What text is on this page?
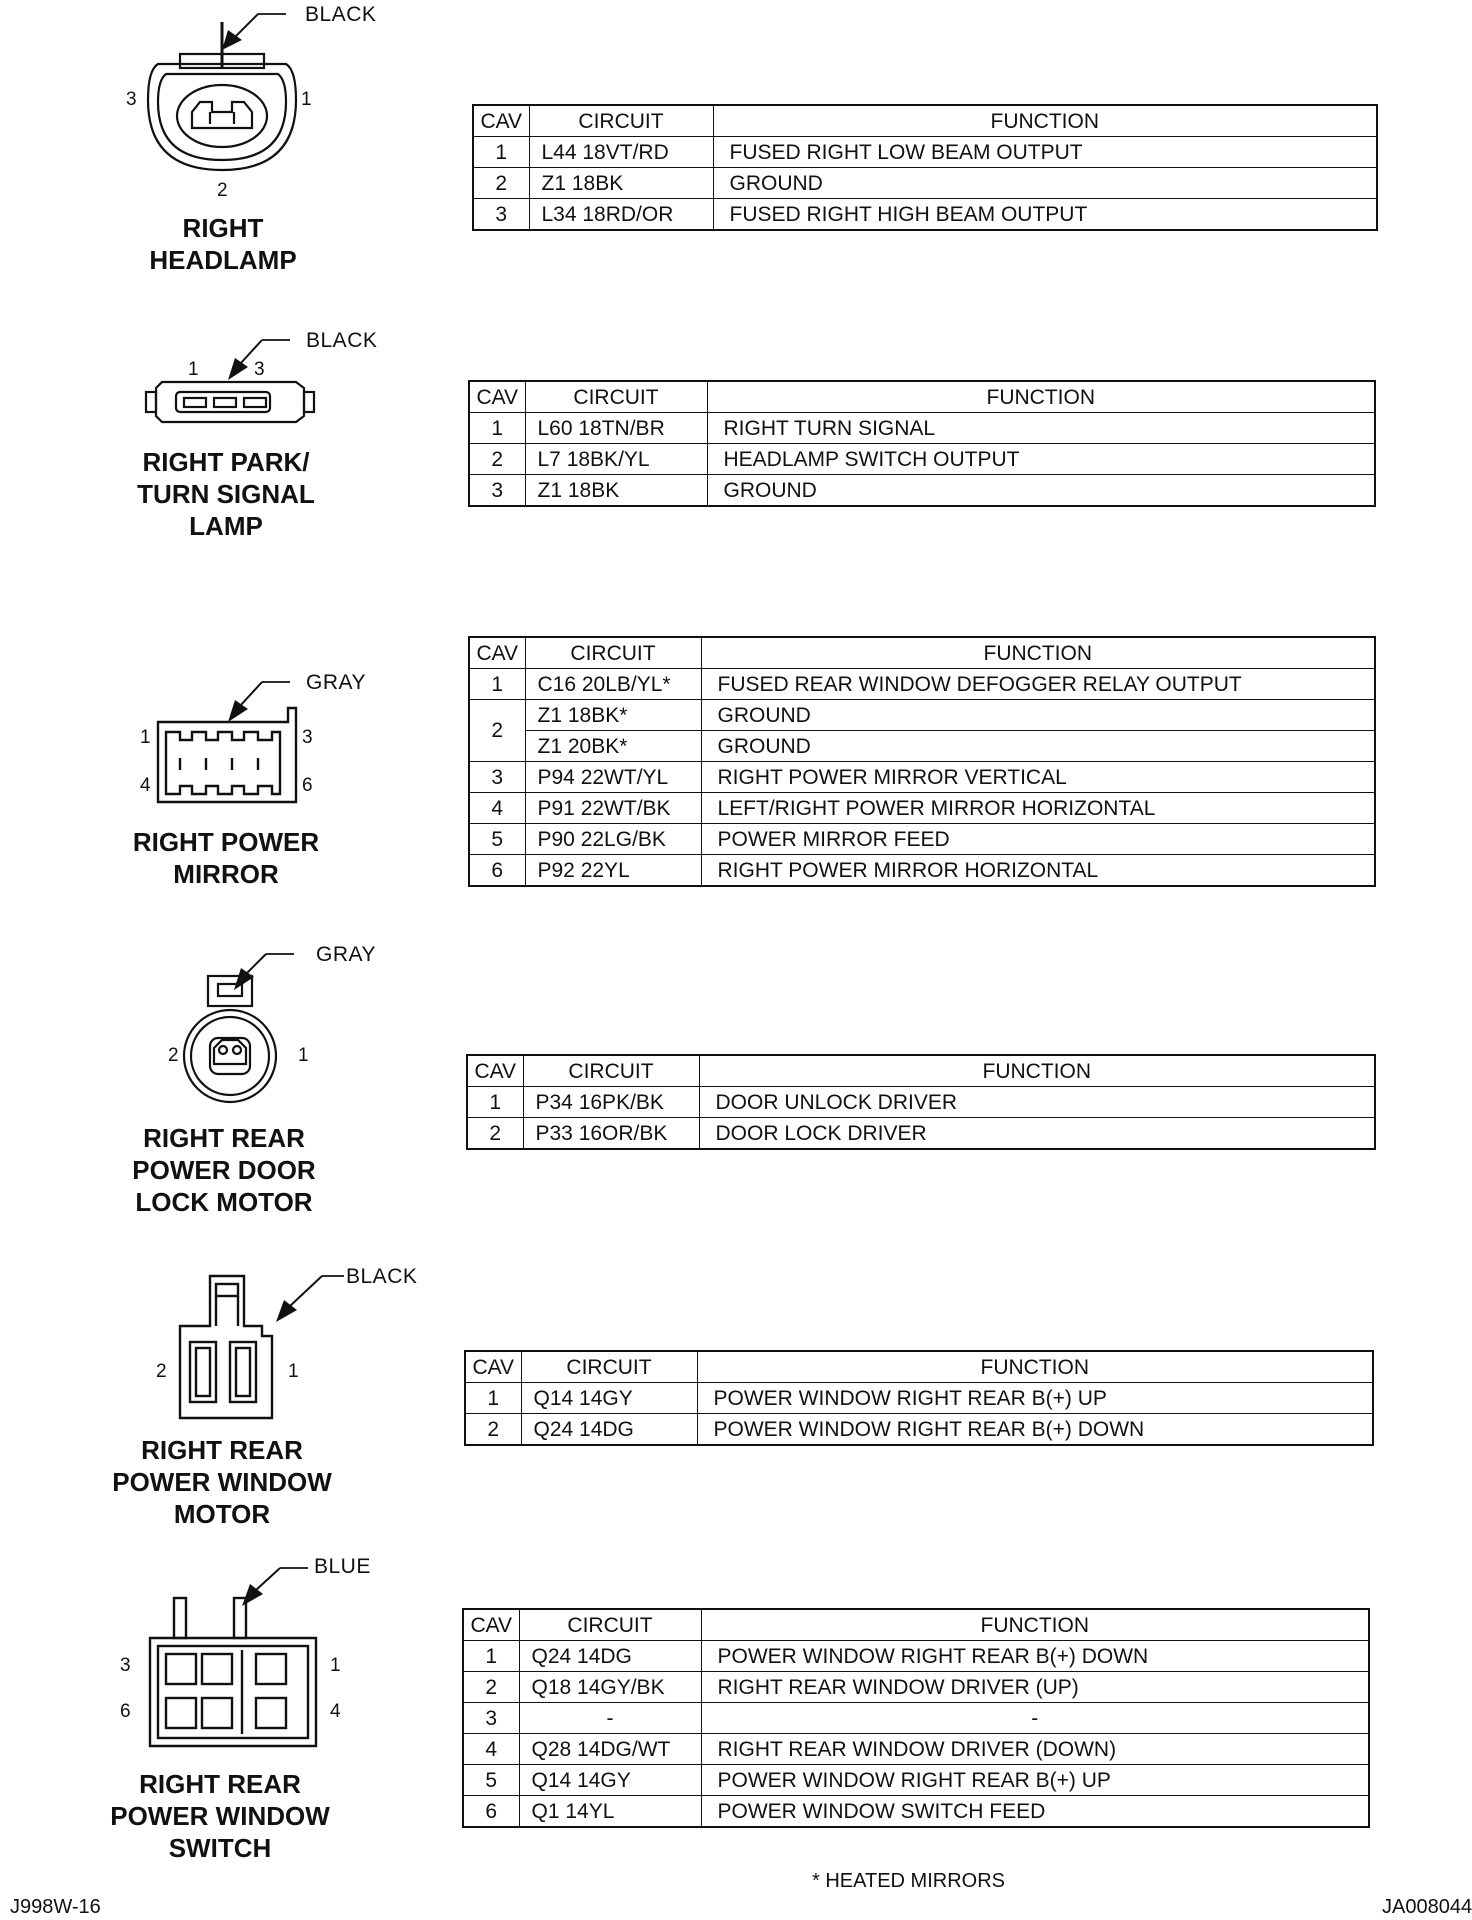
BLACK
3	1
2
RIGHT
HEADLAMP
CAV	CIRCUIT	FUNCTION
1	L44 18VT/RD	FUSED RIGHT LOW BEAM OUTPUT
2	Z1 18BK	GROUND
3	L34 18RD/OR	FUSED RIGHT HIGH BEAM OUTPUT
BLACK
1	3
RIGHT PARK/
TURN SIGNAL
LAMP
CAV	CIRCUIT	FUNCTION
1	L60 18TN/BR	RIGHT TURN SIGNAL
2	L7 18BK/YL	HEADLAMP SWITCH OUTPUT
3	Z1 18BK	GROUND
GRAY
1	3
4	6
RIGHT POWER
MIRROR
CAV	CIRCUIT	FUNCTION
1	C16 20LB/YL*	FUSED REAR WINDOW DEFOGGER RELAY OUTPUT
2	Z1 18BK*	GROUND
	Z1 20BK*	GROUND
3	P94 22WT/YL	RIGHT POWER MIRROR VERTICAL
4	P91 22WT/BK	LEFT/RIGHT POWER MIRROR HORIZONTAL
5	P90 22LG/BK	POWER MIRROR FEED
6	P92 22YL	RIGHT POWER MIRROR HORIZONTAL
GRAY
2	1
RIGHT REAR
POWER DOOR
LOCK MOTOR
CAV	CIRCUIT	FUNCTION
1	P34 16PK/BK	DOOR UNLOCK DRIVER
2	P33 16OR/BK	DOOR LOCK DRIVER
BLACK
2	1
RIGHT REAR
POWER WINDOW
MOTOR
CAV	CIRCUIT	FUNCTION
1	Q14 14GY	POWER WINDOW RIGHT REAR B(+) UP
2	Q24 14DG	POWER WINDOW RIGHT REAR B(+) DOWN
BLUE
3	1
6	4
RIGHT REAR
POWER WINDOW
SWITCH
CAV	CIRCUIT	FUNCTION
1	Q24 14DG	POWER WINDOW RIGHT REAR B(+) DOWN
2	Q18 14GY/BK	RIGHT REAR WINDOW DRIVER (UP)
3	-	-
4	Q28 14DG/WT	RIGHT REAR WINDOW DRIVER (DOWN)
5	Q14 14GY	POWER WINDOW RIGHT REAR B(+) UP
6	Q1 14YL	POWER WINDOW SWITCH FEED
* HEATED MIRRORS
J998W-16	JA008044
